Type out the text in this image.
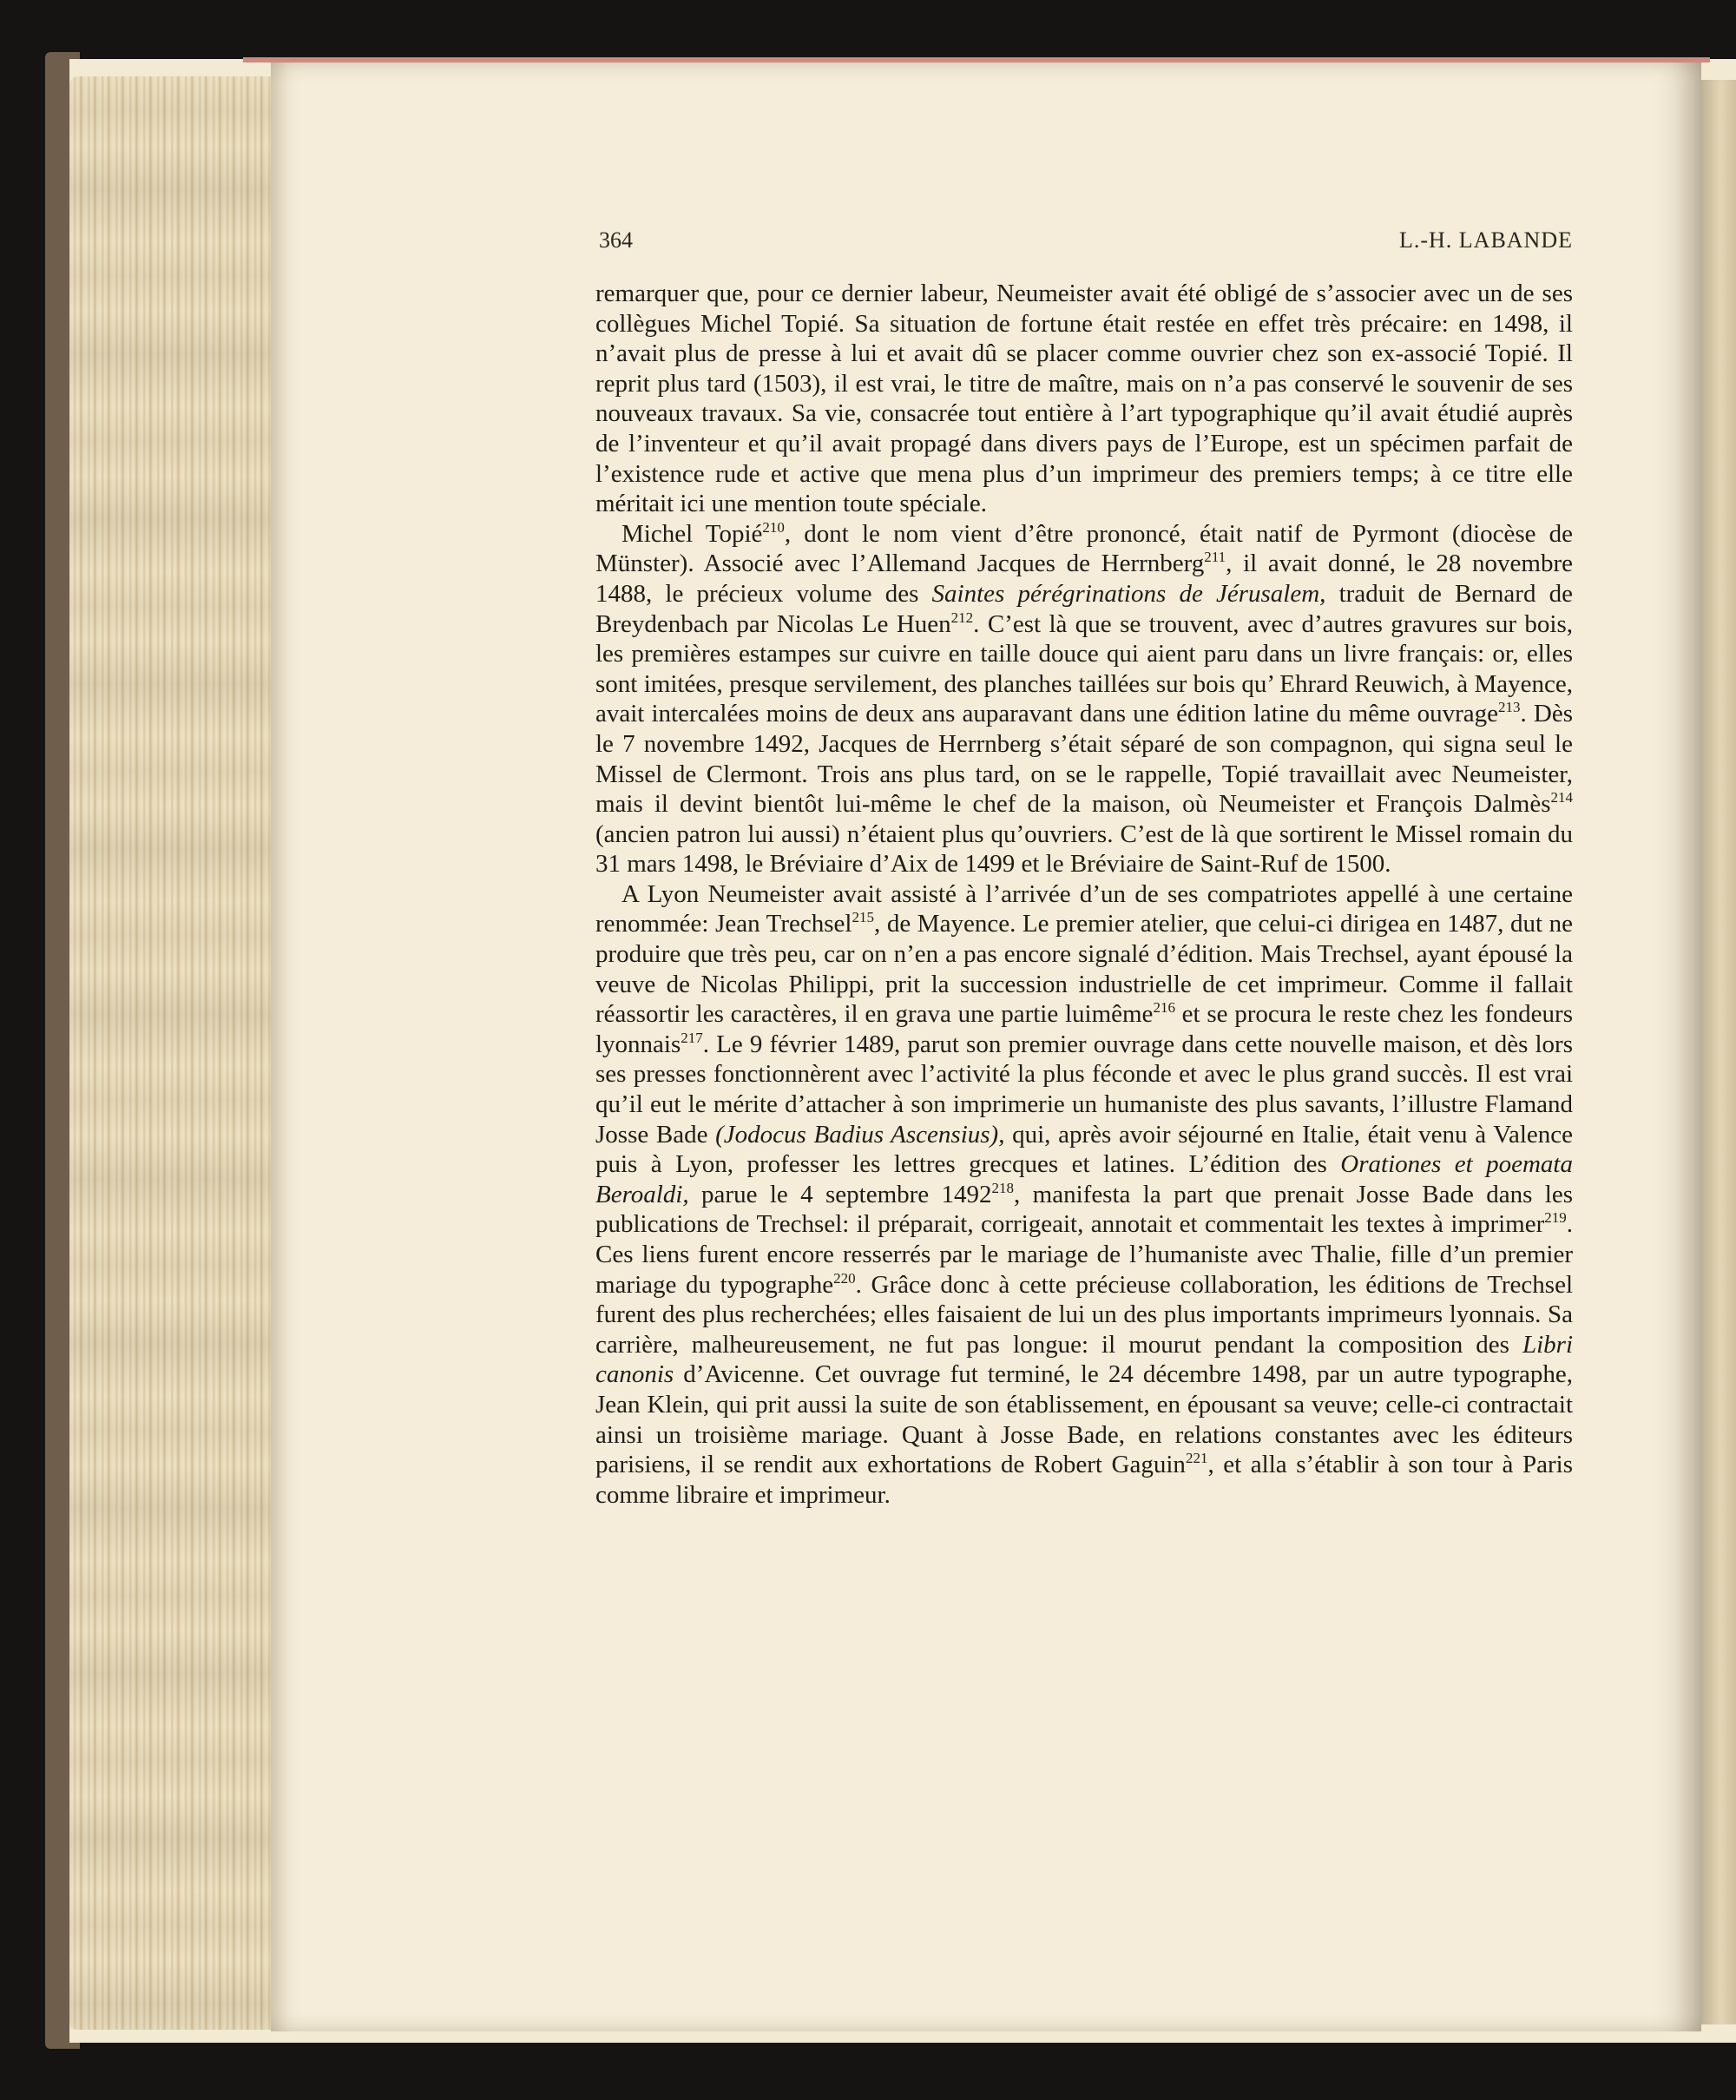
364	L.-H. LABANDE

remarquer que, pour ce dernier labeur, Neumeister avait été obligé de s’associer avec un de ses collègues Michel Topié. Sa situation de fortune était restée en effet très précaire: en 1498, il n’avait plus de presse à lui et avait dû se placer comme ouvrier chez son ex-associé Topié. Il reprit plus tard (1503), il est vrai, le titre de maître, mais on n’a pas conservé le souvenir de ses nouveaux travaux. Sa vie, consacrée tout entière à l’art typographique qu’il avait étudié auprès de l’inventeur et qu’il avait propagé dans divers pays de l’Europe, est un spécimen parfait de l’existence rude et active que mena plus d’un imprimeur des premiers temps; à ce titre elle méritait ici une mention toute spéciale.

Michel Topié$^{210}$, dont le nom vient d’être prononcé, était natif de Pyrmont (diocèse de Münster). Associé avec l’Allemand Jacques de Herrnberg$^{211}$, il avait donné, le 28 novembre 1488, le précieux volume des Saintes pérégrinations de Jérusalem, traduit de Bernard de Breydenbach par Nicolas Le Huen$^{212}$. C’est là que se trouvent, avec d’autres gravures sur bois, les premières estampes sur cuivre en taille douce qui aient paru dans un livre français: or, elles sont imitées, presque servilement, des planches taillées sur bois qu’ Ehrard Reuwich, à Mayence, avait intercalées moins de deux ans auparavant dans une édition latine du même ouvrage$^{213}$. Dès le 7 novembre 1492, Jacques de Herrnberg s’était séparé de son compagnon, qui signa seul le Missel de Clermont. Trois ans plus tard, on se le rappelle, Topié travaillait avec Neumeister, mais il devint bientôt lui-même le chef de la maison, où Neumeister et François Dalmès$^{214}$ (ancien patron lui aussi) n’étaient plus qu’ouvriers. C’est de là que sortirent le Missel romain du 31 mars 1498, le Bréviaire d’Aix de 1499 et le Bréviaire de Saint-Ruf de 1500.

A Lyon Neumeister avait assisté à l’arrivée d’un de ses compatriotes appellé à une certaine renommée: Jean Trechsel$^{215}$, de Mayence. Le premier atelier, que celui-ci dirigea en 1487, dut ne produire que très peu, car on n’en a pas encore signalé d’édition. Mais Trechsel, ayant épousé la veuve de Nicolas Philippi, prit la succession industrielle de cet imprimeur. Comme il fallait réassortir les caractères, il en grava une partie luimême$^{216}$ et se procura le reste chez les fondeurs lyonnais$^{217}$. Le 9 février 1489, parut son premier ouvrage dans cette nouvelle maison, et dès lors ses presses fonctionnèrent avec l’activité la plus féconde et avec le plus grand succès. Il est vrai qu’il eut le mérite d’attacher à son imprimerie un humaniste des plus savants, l’illustre Flamand Josse Bade (Jodocus Badius Ascensius), qui, après avoir séjourné en Italie, était venu à Valence puis à Lyon, professer les lettres grecques et latines. L’édition des Orationes et poemata Beroaldi, parue le 4 septembre 1492$^{218}$, manifesta la part que prenait Josse Bade dans les publications de Trechsel: il préparait, corrigeait, annotait et commentait les textes à imprimer$^{219}$. Ces liens furent encore resserrés par le mariage de l’humaniste avec Thalie, fille d’un premier mariage du typographe$^{220}$. Grâce donc à cette précieuse collaboration, les éditions de Trechsel furent des plus recherchées; elles faisaient de lui un des plus importants imprimeurs lyonnais. Sa carrière, malheureusement, ne fut pas longue: il mourut pendant la composition des Libri canonis d’Avicenne. Cet ouvrage fut terminé, le 24 décembre 1498, par un autre typographe, Jean Klein, qui prit aussi la suite de son établissement, en épousant sa veuve; celle-ci contractait ainsi un troisième mariage. Quant à Josse Bade, en relations constantes avec les éditeurs parisiens, il se rendit aux exhortations de Robert Gaguin$^{221}$, et alla s’établir à son tour à Paris comme libraire et imprimeur.
